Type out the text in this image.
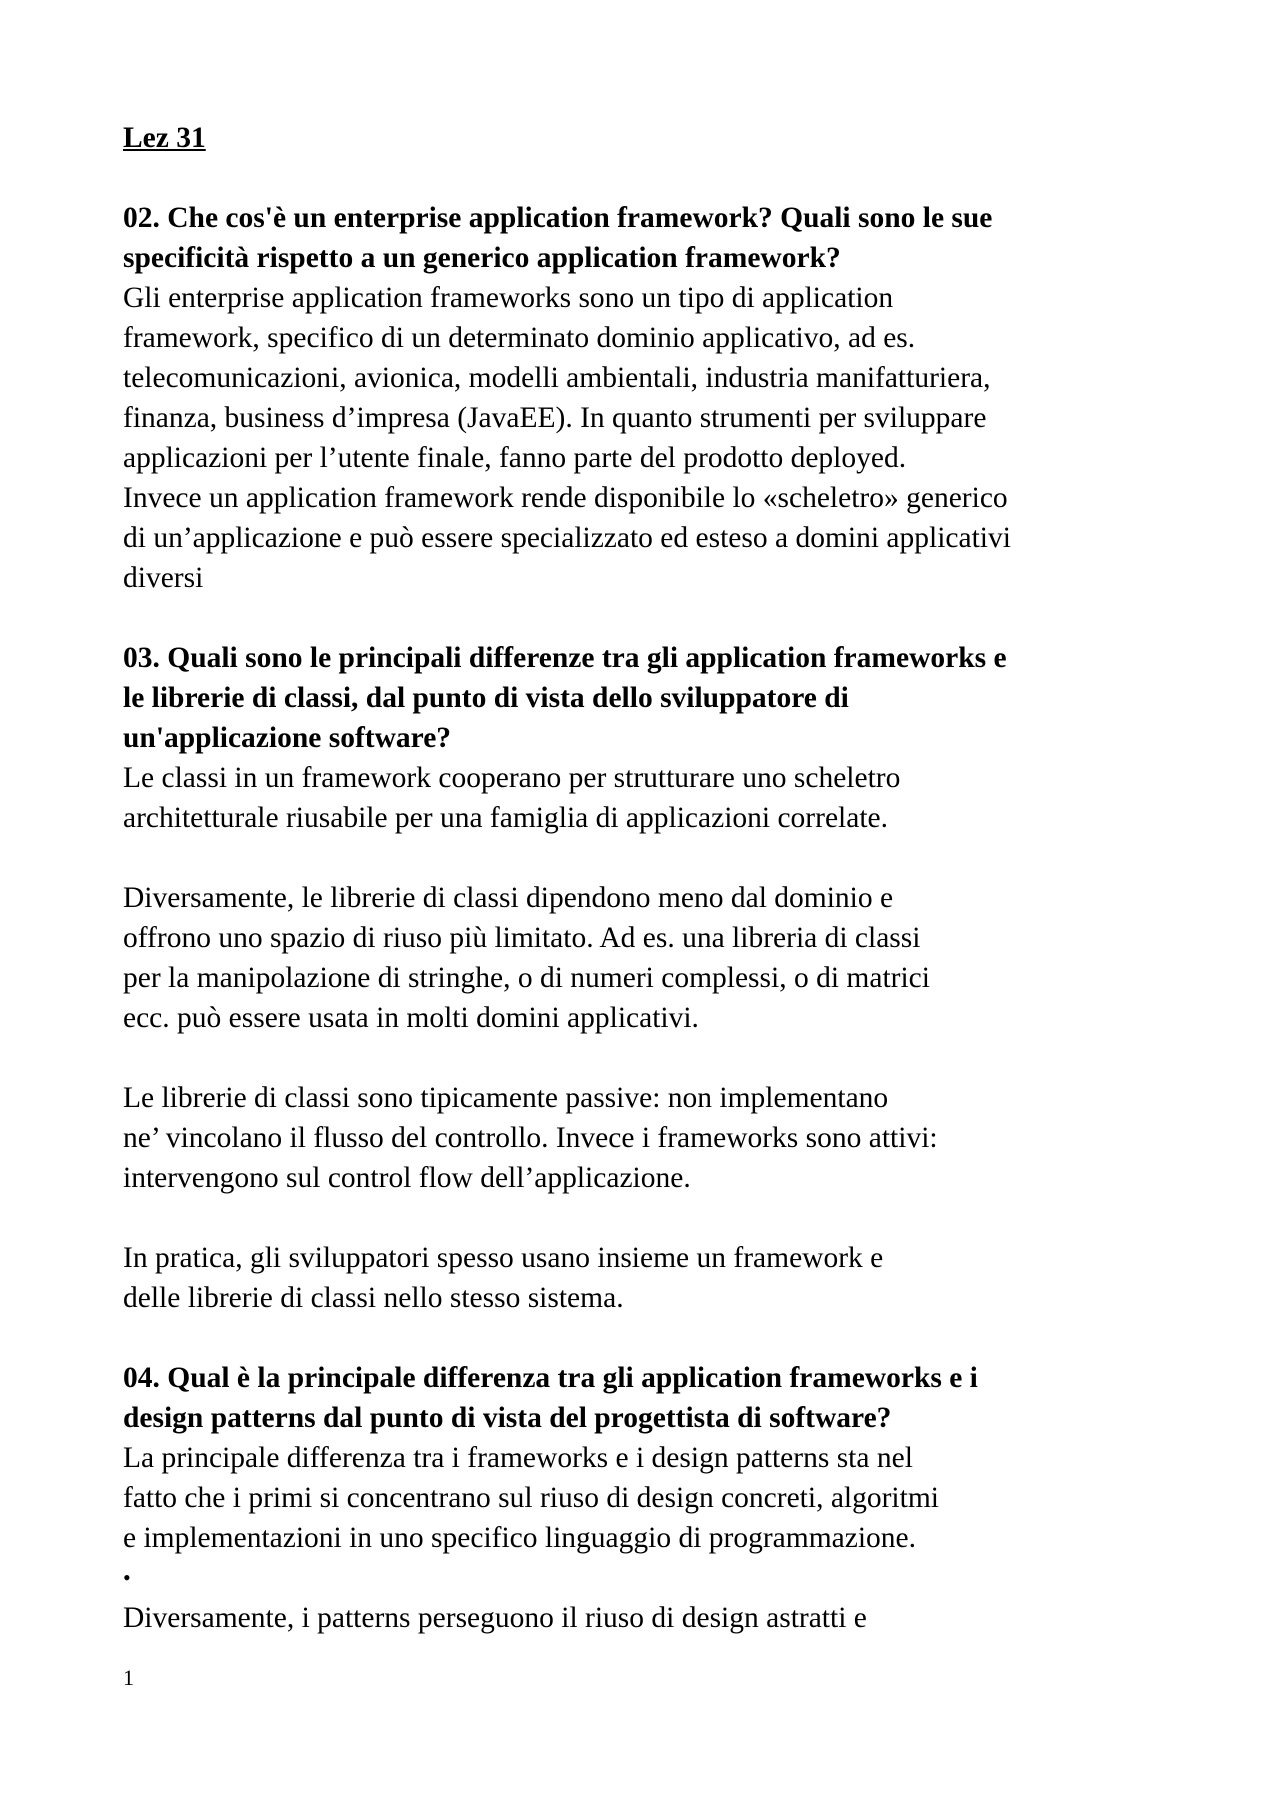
Lez 31

02. Che cos'è un enterprise application framework? Quali sono le sue

specificità rispetto a un generico application framework?

Gli enterprise application frameworks sono un tipo di application

framework, specifico di un determinato dominio applicativo, ad es.

telecomunicazioni, avionica, modelli ambientali, industria manifatturiera,

finanza, business d’impresa (JavaEE). In quanto strumenti per sviluppare

applicazioni per l’utente finale, fanno parte del prodotto deployed.

Invece un application framework rende disponibile lo «scheletro» generico

di un’applicazione e può essere specializzato ed esteso a domini applicativi

diversi

03. Quali sono le principali differenze tra gli application frameworks e

le librerie di classi, dal punto di vista dello sviluppatore di

un'applicazione software?

Le classi in un framework cooperano per strutturare uno scheletro

architetturale riusabile per una famiglia di applicazioni correlate.

Diversamente, le librerie di classi dipendono meno dal dominio e

offrono uno spazio di riuso più limitato. Ad es. una libreria di classi

per la manipolazione di stringhe, o di numeri complessi, o di matrici

ecc. può essere usata in molti domini applicativi.

Le librerie di classi sono tipicamente passive: non implementano

ne’ vincolano il flusso del controllo. Invece i frameworks sono attivi:

intervengono sul control flow dell’applicazione.

In pratica, gli sviluppatori spesso usano insieme un framework e

delle librerie di classi nello stesso sistema.

04. Qual è la principale differenza tra gli application frameworks e i

design patterns dal punto di vista del progettista di software?

La principale differenza tra i frameworks e i design patterns sta nel

fatto che i primi si concentrano sul riuso di design concreti, algoritmi

e implementazioni in uno specifico linguaggio di programmazione.

•

Diversamente, i patterns perseguono il riuso di design astratti e

1
